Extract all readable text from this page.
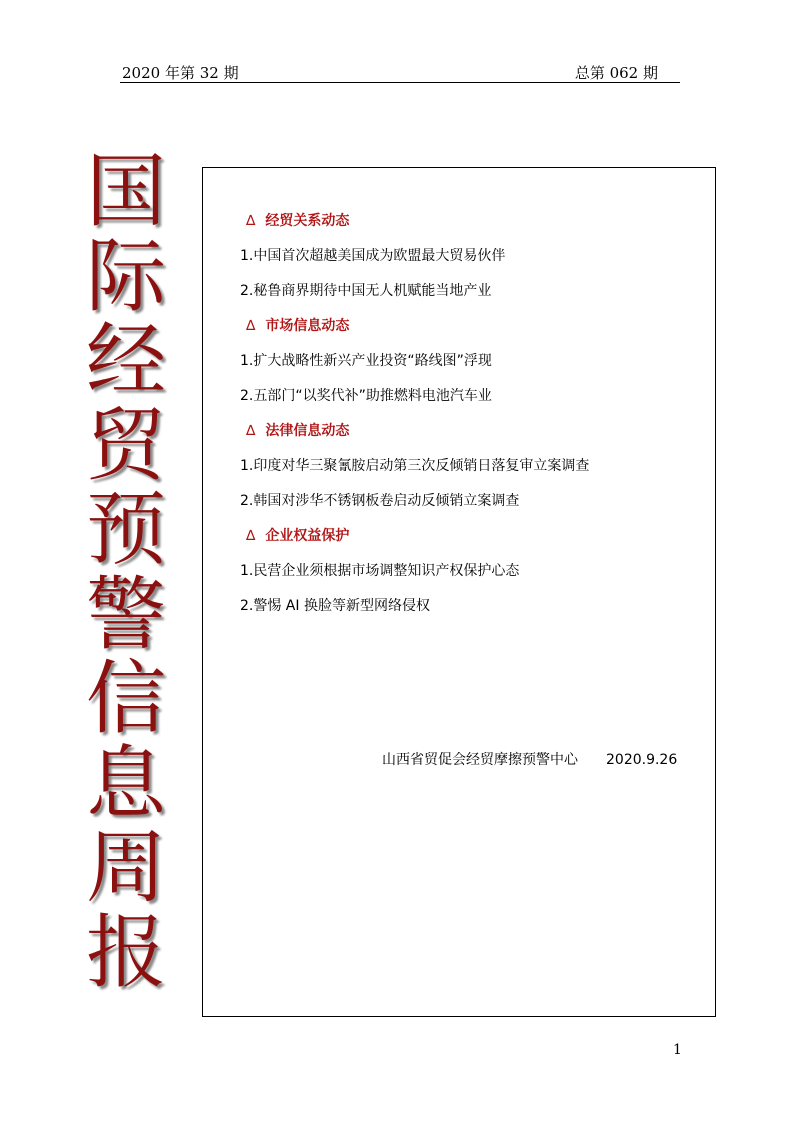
2020 年第 32 期	总第 062 期
国
际
经
贸
预
警
信
息
周
报
∆ 经贸关系动态
1.中国首次超越美国成为欧盟最大贸易伙伴
2.秘鲁商界期待中国无人机赋能当地产业
∆ 市场信息动态
1.扩大战略性新兴产业投资“路线图”浮现
2.五部门“以奖代补”助推燃料电池汽车业
∆ 法律信息动态
1.印度对华三聚氰胺启动第三次反倾销日落复审立案调查
2.韩国对涉华不锈钢板卷启动反倾销立案调查
∆ 企业权益保护
1.民营企业须根据市场调整知识产权保护心态
2.警惕 AI 换脸等新型网络侵权
山西省贸促会经贸摩擦预警中心 2020.9.26
1
